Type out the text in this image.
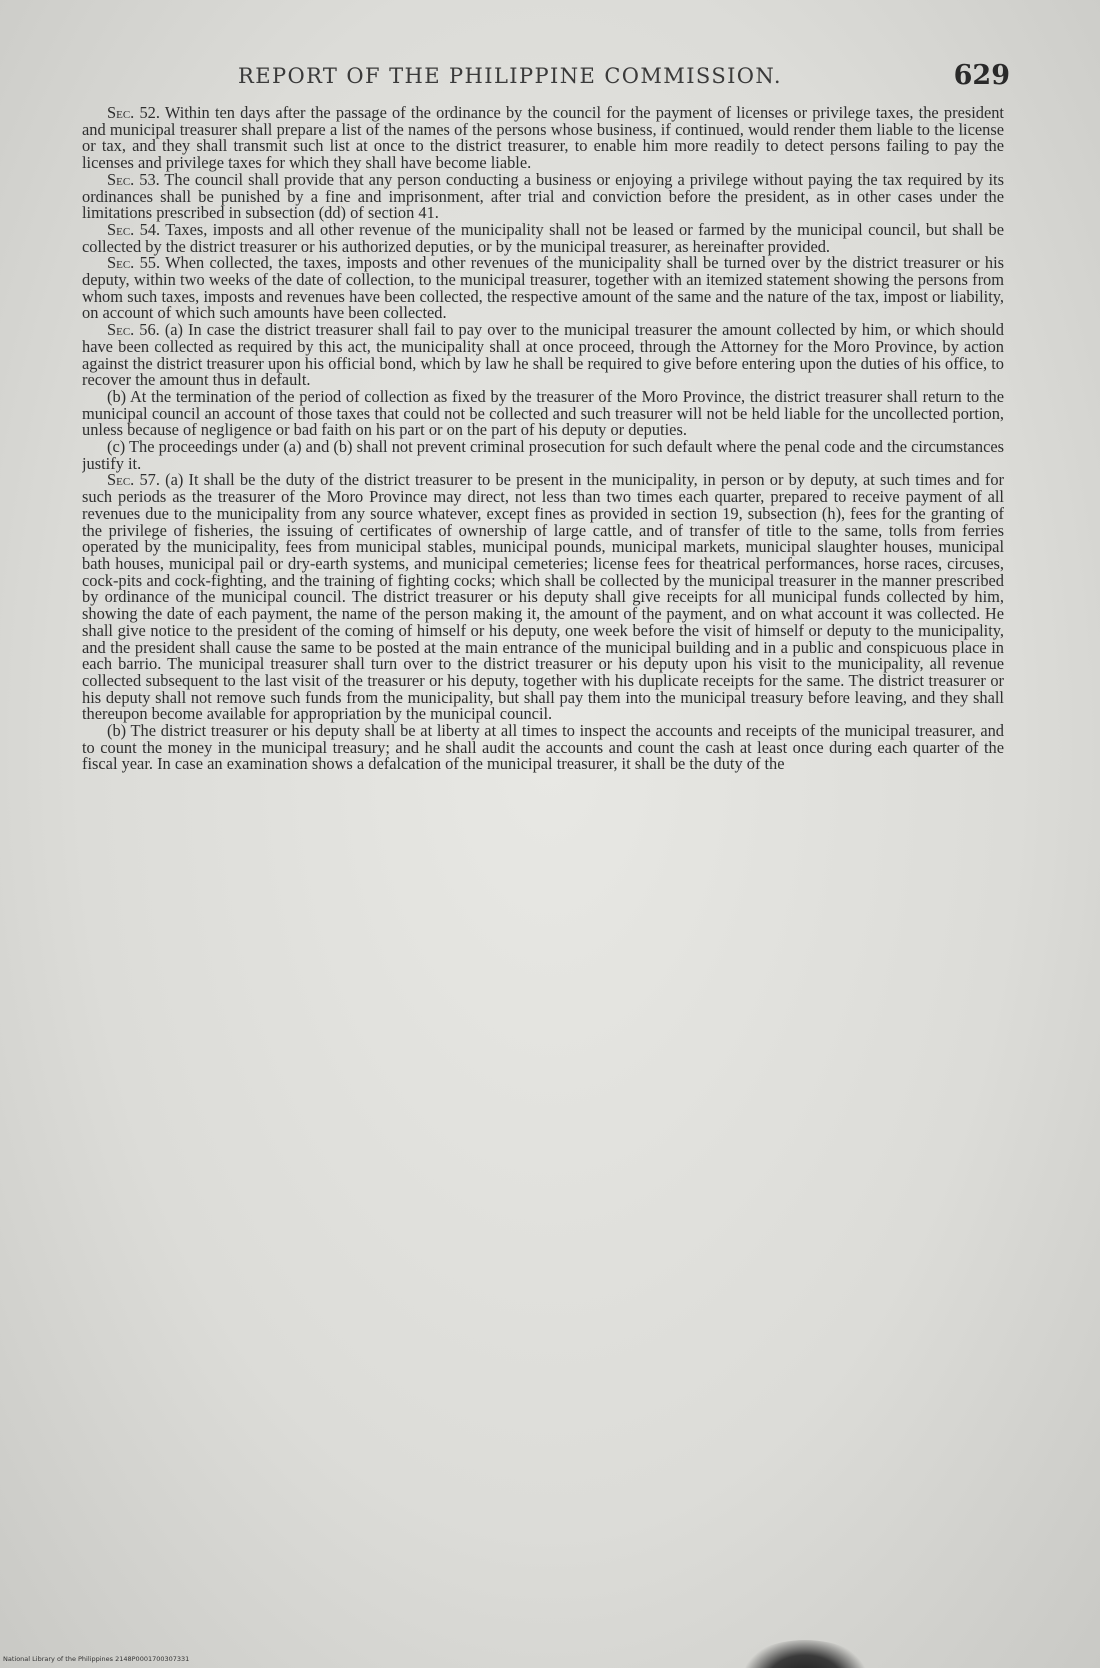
REPORT OF THE PHILIPPINE COMMISSION.	629

Sec. 52. Within ten days after the passage of the ordinance by the council for the payment of licenses or privilege taxes, the president and municipal treasurer shall prepare a list of the names of the persons whose business, if continued, would render them liable to the license or tax, and they shall transmit such list at once to the district treasurer, to enable him more readily to detect persons failing to pay the licenses and privilege taxes for which they shall have become liable.

Sec. 53. The council shall provide that any person conducting a business or enjoying a privilege without paying the tax required by its ordinances shall be punished by a fine and imprisonment, after trial and conviction before the president, as in other cases under the limitations prescribed in subsection (dd) of section 41.

Sec. 54. Taxes, imposts and all other revenue of the municipality shall not be leased or farmed by the municipal council, but shall be collected by the district treasurer or his authorized deputies, or by the municipal treasurer, as hereinafter provided.

Sec. 55. When collected, the taxes, imposts and other revenues of the municipality shall be turned over by the district treasurer or his deputy, within two weeks of the date of collection, to the municipal treasurer, together with an itemized statement showing the persons from whom such taxes, imposts and revenues have been collected, the respective amount of the same and the nature of the tax, impost or liability, on account of which such amounts have been collected.

Sec. 56. (a) In case the district treasurer shall fail to pay over to the municipal treasurer the amount collected by him, or which should have been collected as required by this act, the municipality shall at once proceed, through the Attorney for the Moro Province, by action against the district treasurer upon his official bond, which by law he shall be required to give before entering upon the duties of his office, to recover the amount thus in default.

(b) At the termination of the period of collection as fixed by the treasurer of the Moro Province, the district treasurer shall return to the municipal council an account of those taxes that could not be collected and such treasurer will not be held liable for the uncollected portion, unless because of negligence or bad faith on his part or on the part of his deputy or deputies.

(c) The proceedings under (a) and (b) shall not prevent criminal prosecution for such default where the penal code and the circumstances justify it.

Sec. 57. (a) It shall be the duty of the district treasurer to be present in the municipality, in person or by deputy, at such times and for such periods as the treasurer of the Moro Province may direct, not less than two times each quarter, prepared to receive payment of all revenues due to the municipality from any source whatever, except fines as provided in section 19, subsection (h), fees for the granting of the privilege of fisheries, the issuing of certificates of ownership of large cattle, and of transfer of title to the same, tolls from ferries operated by the municipality, fees from municipal stables, municipal pounds, municipal markets, municipal slaughter houses, municipal bath houses, municipal pail or dry-earth systems, and municipal cemeteries; license fees for theatrical performances, horse races, circuses, cock-pits and cock-fighting, and the training of fighting cocks; which shall be collected by the municipal treasurer in the manner prescribed by ordinance of the municipal council. The district treasurer or his deputy shall give receipts for all municipal funds collected by him, showing the date of each payment, the name of the person making it, the amount of the payment, and on what account it was collected. He shall give notice to the president of the coming of himself or his deputy, one week before the visit of himself or deputy to the municipality, and the president shall cause the same to be posted at the main entrance of the municipal building and in a public and conspicuous place in each barrio. The municipal treasurer shall turn over to the district treasurer or his deputy upon his visit to the municipality, all revenue collected subsequent to the last visit of the treasurer or his deputy, together with his duplicate receipts for the same. The district treasurer or his deputy shall not remove such funds from the municipality, but shall pay them into the municipal treasury before leaving, and they shall thereupon become available for appropriation by the municipal council.

(b) The district treasurer or his deputy shall be at liberty at all times to inspect the accounts and receipts of the municipal treasurer, and to count the money in the municipal treasury; and he shall audit the accounts and count the cash at least once during each quarter of the fiscal year. In case an examination shows a defalcation of the municipal treasurer, it shall be the duty of the

National Library of the Philippines 2148P0001700307331​
